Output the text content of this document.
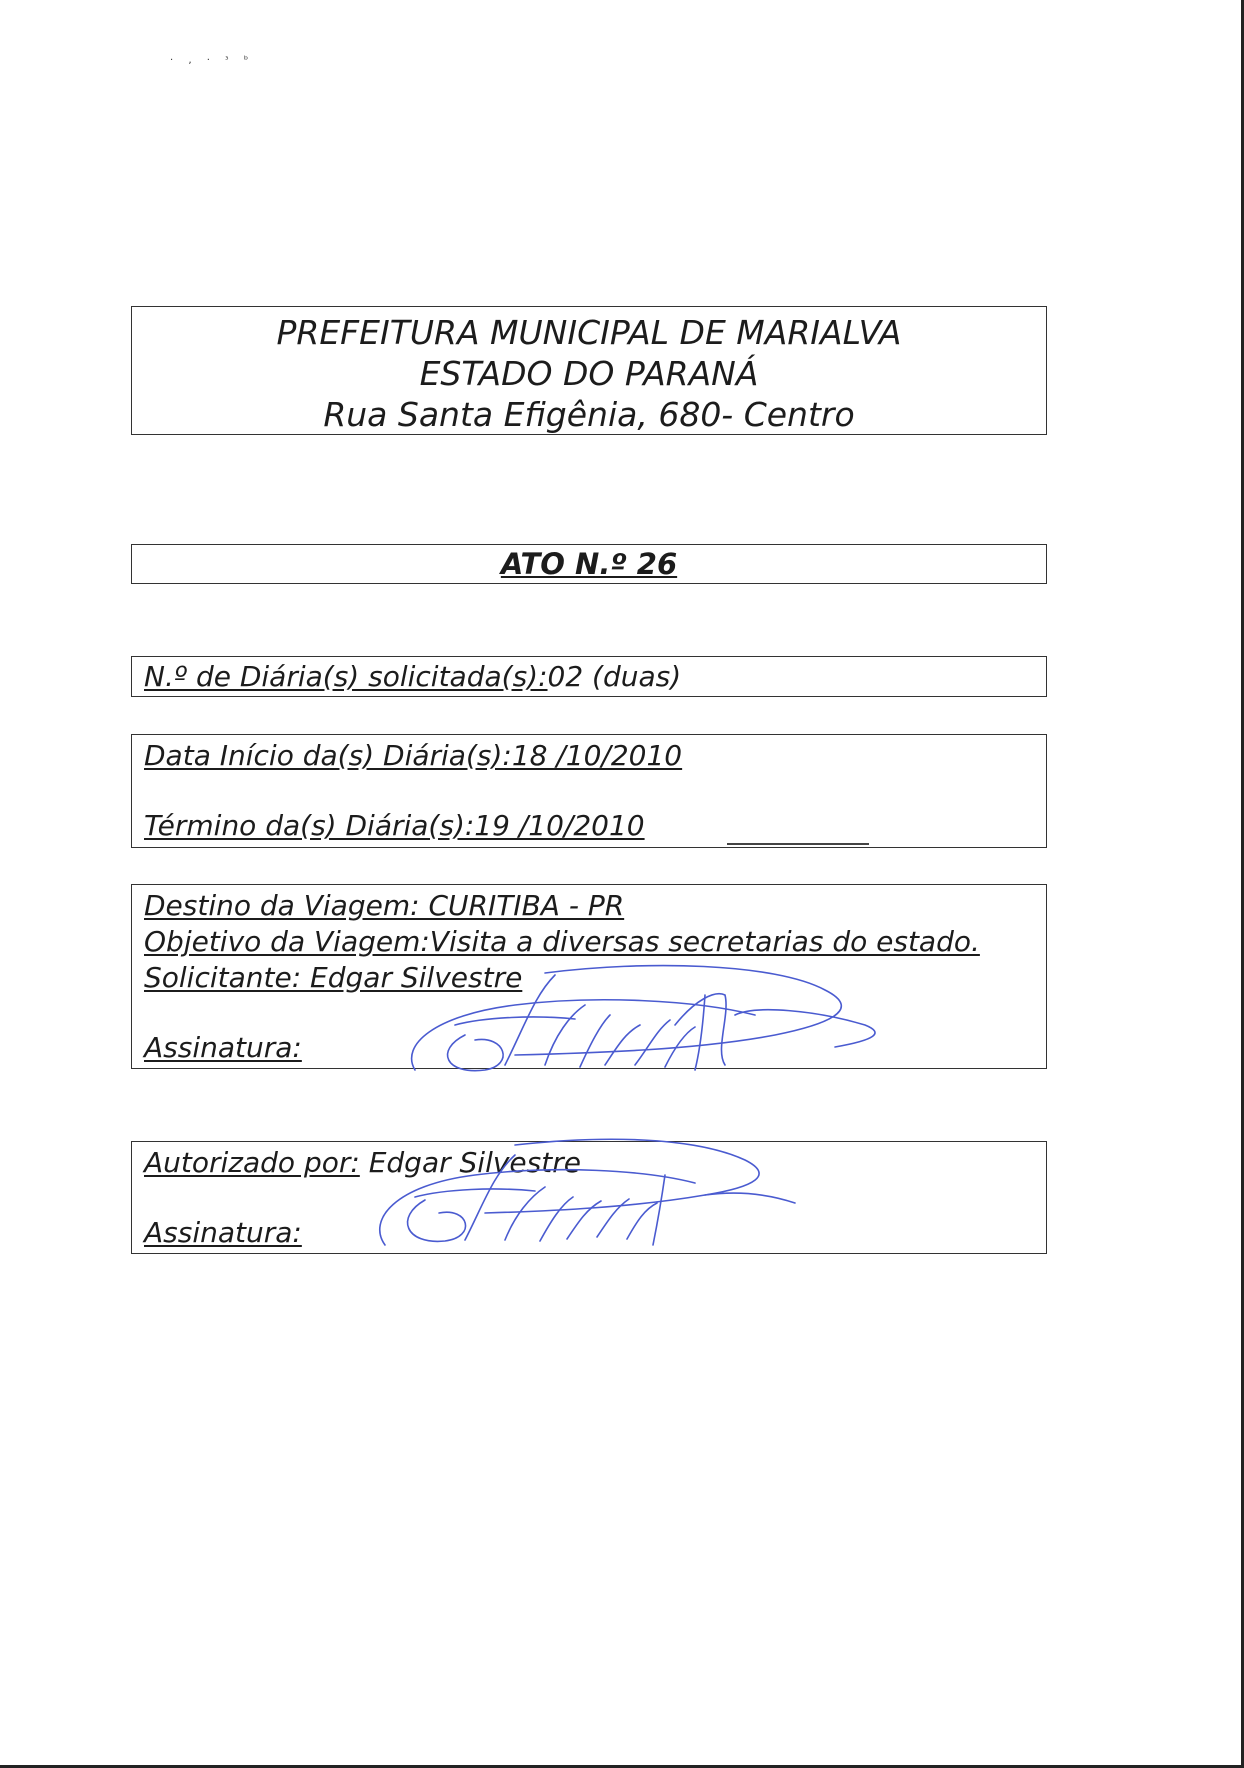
· ‚ · ᶟ ᵇ
PREFEITURA MUNICIPAL DE MARIALVA
ESTADO DO PARANÁ
Rua Santa Efigênia, 680- Centro
ATO N.º 26
N.º de Diária(s) solicitada(s):02 (duas)
Data Início da(s) Diária(s):18 /10/2010
Término da(s) Diária(s):19 /10/2010
Destino da Viagem: CURITIBA - PR
Objetivo da Viagem:Visita a diversas secretarias do estado.
Solicitante: Edgar Silvestre
Assinatura:
Autorizado por: Edgar Silvestre
Assinatura:
